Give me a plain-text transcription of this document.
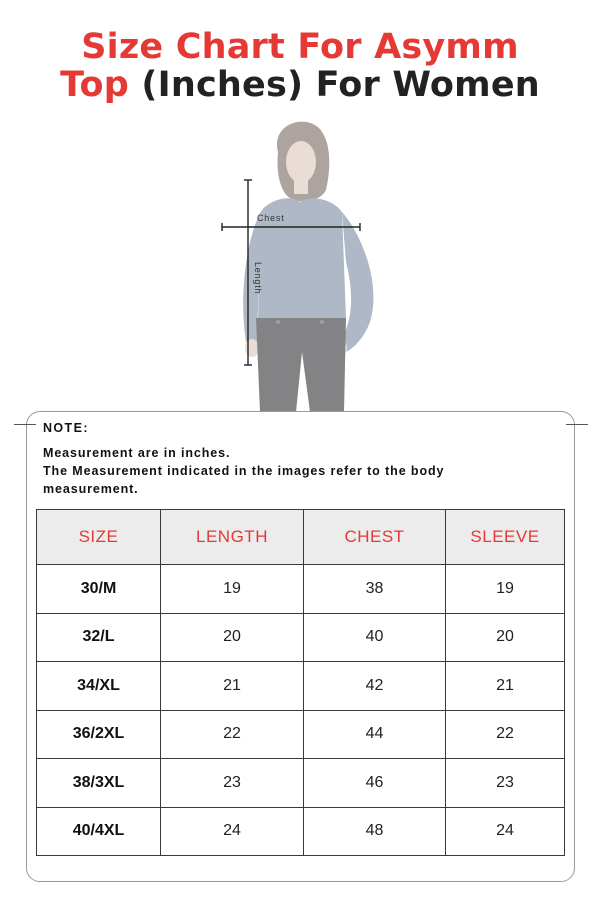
Size Chart For Asymm
Top (Inches) For Women
Chest
Length
NOTE:
Measurement are in inches.
The Measurement indicated in the images refer to the body
measurement.
SIZE	LENGTH	CHEST	SLEEVE
30/M	19	38	19
32/L	20	40	20
34/XL	21	42	21
36/2XL	22	44	22
38/3XL	23	46	23
40/4XL	24	48	24
